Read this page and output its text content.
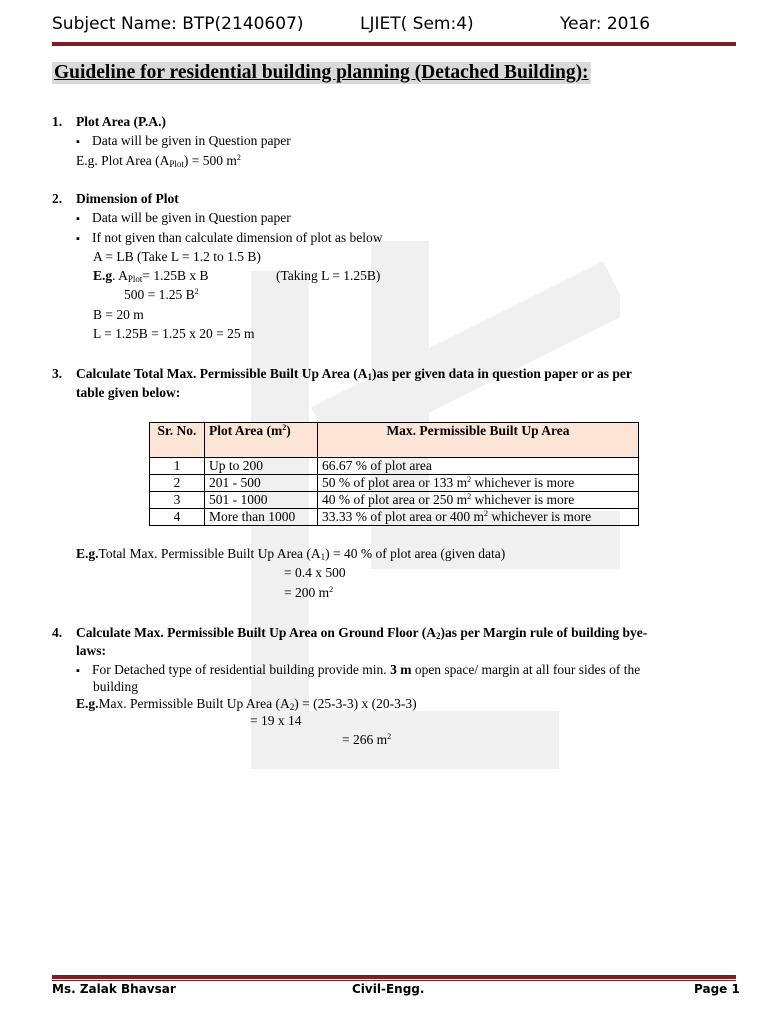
Subject Name: BTP(2140607)	LJIET( Sem:4)	Year: 2016
Guideline for residential building planning (Detached Building):
1. Plot Area (P.A.)
▪ Data will be given in Question paper
E.g. Plot Area $(A_{Plot}) = 500$ $m^2$
2. Dimension of Plot
▪ Data will be given in Question paper
▪ If not given than calculate dimension of plot as below
A = LB (Take L = 1.2 to 1.5 B)
E.g. $A_{Plot}= 1.25B$ x B	(Taking L = 1.25B)
500 = 1.25 $B^2$
B = 20 m
L = 1.25B = 1.25 x 20 = 25 m
3. Calculate Total Max. Permissible Built Up Area $(A_1)as$ per given data in question paper or as per
table given below:
Sr. No.	Plot Area $(m^2)$	Max. Permissible Built Up Area
1	Up to 200	66.67 % of plot area
2	201 - 500	50 % of plot area or 133 $m^2$ whichever is more
3	501 - 1000	40 % of plot area or 250 $m^2$ whichever is more
4	More than 1000	33.33 % of plot area or 400 $m^2$ whichever is more
E.g.Total Max. Permissible Built Up Area $(A_1) = 40$ % of plot area (given data)
= 0.4 x 500
= 200 $m^2$
4. Calculate Max. Permissible Built Up Area on Ground Floor $(A_2)as$ per Margin rule of building bye-
laws:
▪ For Detached type of residential building provide min. 3 m open space/ margin at all four sides of the
building
E.g.Max. Permissible Built Up Area $(A_2) = (25-3-3)$ x (20-3-3)
= 19 x 14
= 266 $m^2$
Ms. Zalak Bhavsar	Civil-Engg.	Page 1
